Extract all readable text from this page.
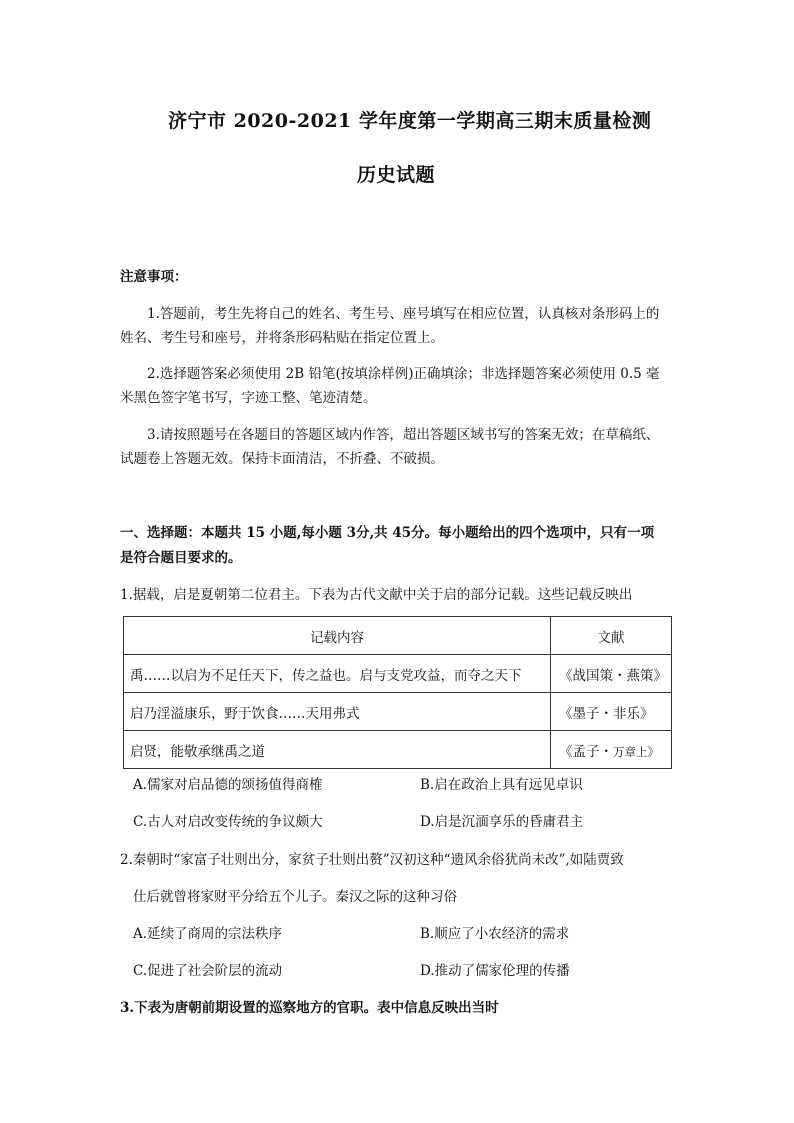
济宁市 2020-2021 学年度第一学期高三期末质量检测
历史试题
注意事项：
1.答题前，考生先将自己的姓名、考生号、座号填写在相应位置，认真核对条形码上的
姓名、考生号和座号，并将条形码粘贴在指定位置上。
2.选择题答案必须使用 2B 铅笔(按填涂样例)正确填涂；非选择题答案必须使用 0.5 毫
米黑色签字笔书写，字迹工整、笔迹清楚。
3.请按照题号在各题目的答题区域内作答，超出答题区域书写的答案无效；在草稿纸、
试题卷上答题无效。保持卡面清洁，不折叠、不破损。
一、选择题：本题共 15 小题,每小题 3分,共 45分。每小题给出的四个选项中，只有一项
是符合题目要求的。
1.据载，启是夏朝第二位君主。下表为古代文献中关于启的部分记载。这些记载反映出
记载内容	文献
禹……以启为不足任天下，传之益也。启与支党攻益，而夺之天下	《战国策・燕策》
启乃淫溢康乐，野于饮食……天用弗式	《墨子・非乐》
启贤，能敬承继禹之道	《孟子・万章上》
A.儒家对启品德的颂扬值得商榷	B.启在政治上具有远见卓识
C.古人对启改变传统的争议颇大	D.启是沉湎享乐的昏庸君主
2.秦朝时“家富子壮则出分，家贫子壮则出赘”汉初这种“遗风余俗犹尚未改”,如陆贾致
仕后就曾将家财平分给五个儿子。秦汉之际的这种习俗
A.延续了商周的宗法秩序	B.顺应了小农经济的需求
C.促进了社会阶层的流动	D.推动了儒家伦理的传播
3.下表为唐朝前期设置的巡察地方的官职。表中信息反映出当时
